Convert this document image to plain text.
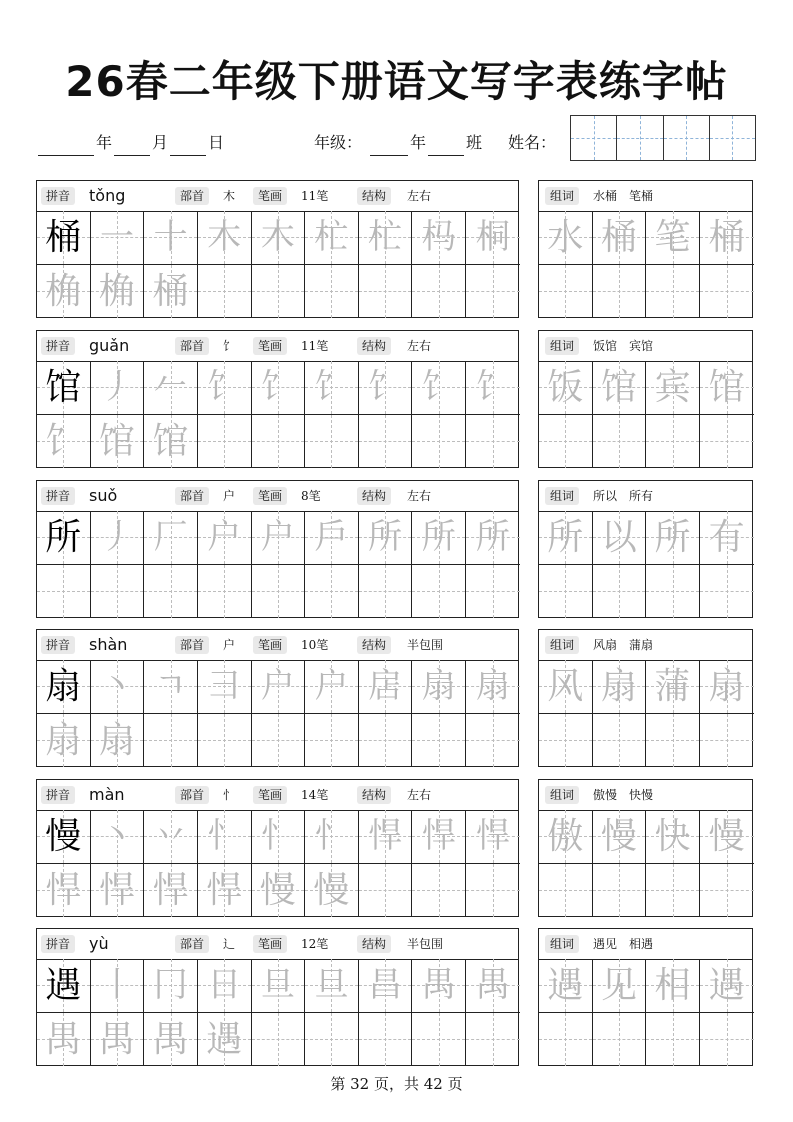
26春二年级下册语文写字表练字帖
年 月 日	年级：	年 班 姓名：
拼音	tǒng	部首	木	笔画	11笔	结构	左右
桶 一 十 木 木 杧 杧 杩 桐
桷 桷 桶
组词	水桶　笔桶
水 桶 笔 桶
拼音	guǎn	部首	饣	笔画	11笔	结构	左右
馆 丿 𠂉 饣 饣 饣 饣 饣 饣
饣 馆 馆
组词	饭馆　宾馆
饭 馆 宾 馆
拼音	suǒ	部首	户	笔画	8笔	结构	左右
所 丿 厂 户 户 戶 所 所 所
组词	所以　所有
所 以 所 有
拼音	shàn	部首	户	笔画	10笔	结构	半包围
扇 丶 ㄱ 彐 户 户 扂 扇 扇
扇 扇
组词	风扇　蒲扇
风 扇 蒲 扇
拼音	màn	部首	忄	笔画	14笔	结构	左右
慢 丶 丷 忄 忄 忄 悍 悍 悍
悍 悍 悍 悍 慢 慢
组词	傲慢　快慢
傲 慢 快 慢
拼音	yù	部首	辶	笔画	12笔	结构	半包围
遇 丨 冂 日 旦 旦 昌 禺 禺
禺 禺 禺 遇
组词	遇见　相遇
遇 见 相 遇
第 32 页，共 42 页
